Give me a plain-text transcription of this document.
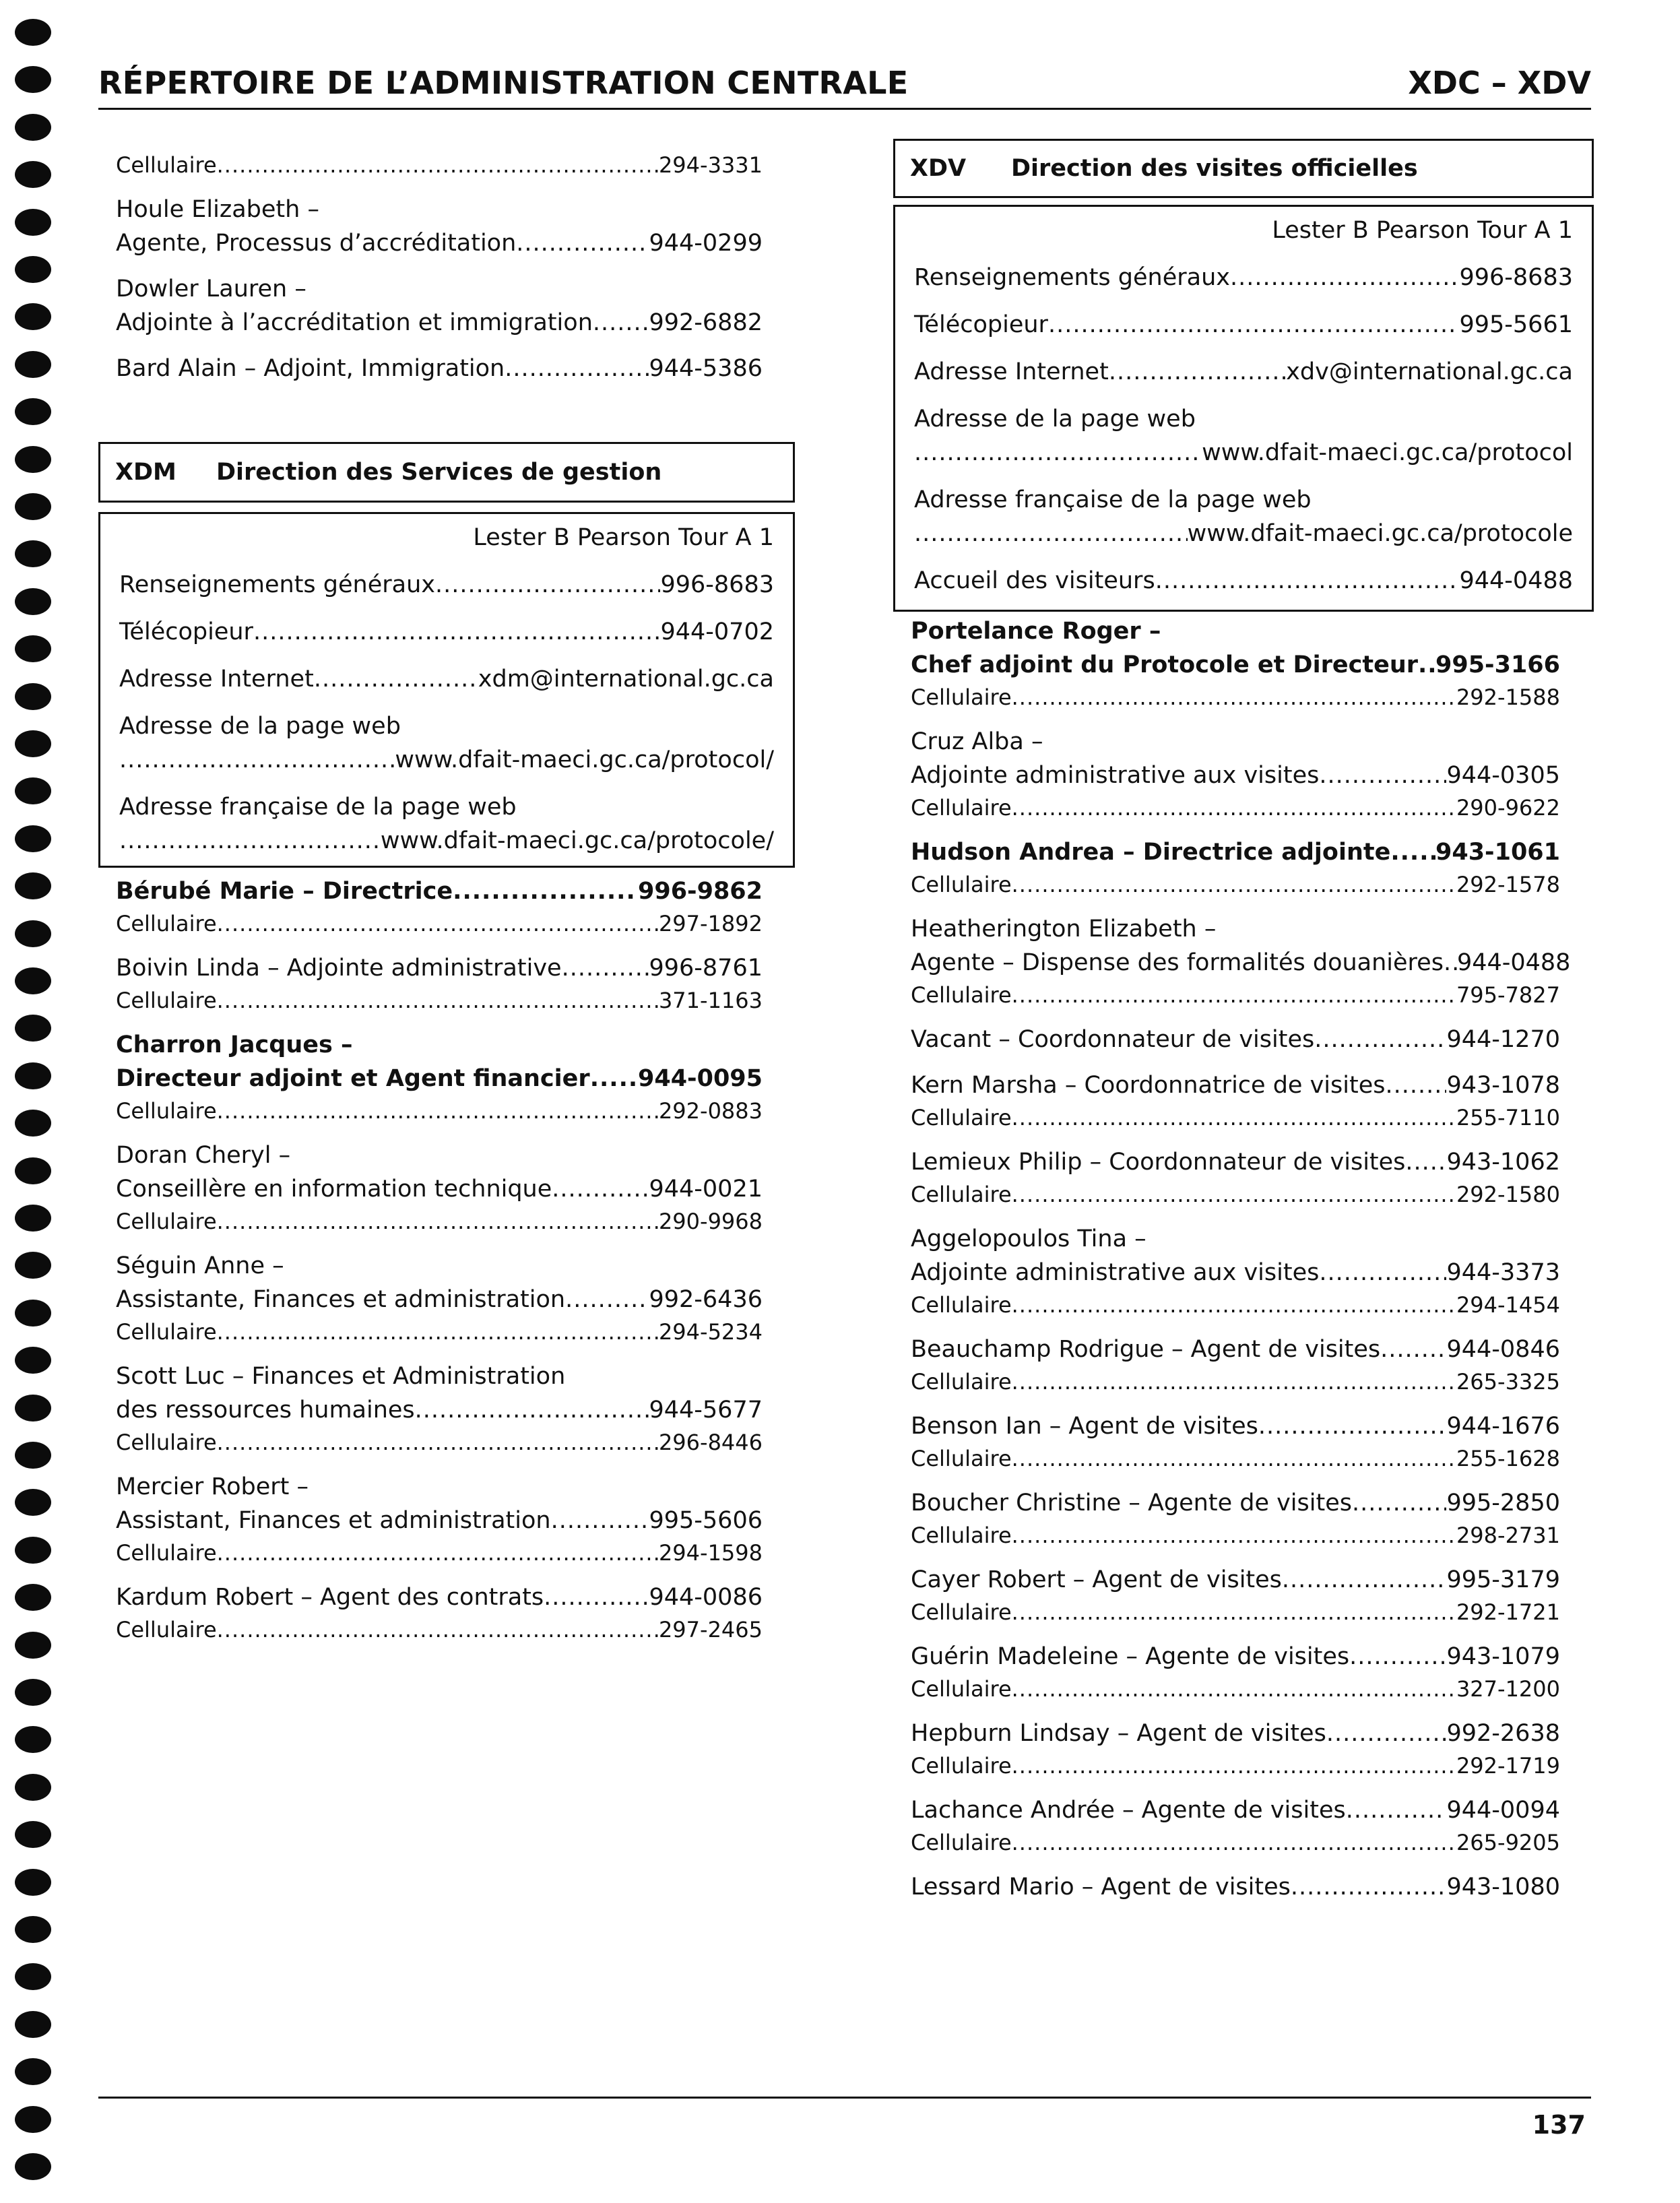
RÉPERTOIRE DE L’ADMINISTRATION CENTRALE	XDC – XDV
Cellulaire .....	294-3331
Houle Elizabeth –
Agente, Processus d’accréditation .....	944-0299
Dowler Lauren –
Adjointe à l’accréditation et immigration ..... 992-6882
Bard Alain – Adjoint, Immigration .....	944-5386
XDM	Direction des Services de gestion
Lester B Pearson Tour A 1
Renseignements généraux .....	996-8683
Télécopieur .....	944-0702
Adresse Internet .....	xdm@international.gc.ca
Adresse de la page web
.....
www.dfait-maeci.gc.ca/protocol/
Adresse française de la page web
.....
www.dfait-maeci.gc.ca/protocole/
Bérubé Marie – Directrice .....	996-9862
Cellulaire .....	297-1892
Boivin Linda – Adjointe administrative .....	996-8761
Cellulaire .....	371-1163
Charron Jacques –
Directeur adjoint et Agent financier ..... 944-0095
Cellulaire .....	292-0883
Doran Cheryl –
Conseillère en information technique .....	944-0021
Cellulaire .....	290-9968
Séguin Anne –
Assistante, Finances et administration .....	992-6436
Cellulaire .....	294-5234
Scott Luc – Finances et Administration
des ressources humaines .....	944-5677
Cellulaire .....	296-8446
Mercier Robert –
Assistant, Finances et administration .....	995-5606
Cellulaire .....	294-1598
Kardum Robert – Agent des contrats .....	944-0086
Cellulaire .....	297-2465
XDV	Direction des visites officielles
Lester B Pearson Tour A 1
Renseignements généraux .....	996-8683
Télécopieur .....	995-5661
Adresse Internet .....	xdv@international.gc.ca
Adresse de la page web
.....
www.dfait-maeci.gc.ca/protocol
Adresse française de la page web
.....
www.dfait-maeci.gc.ca/protocole
Accueil des visiteurs .....	944-0488
Portelance Roger –
Chef adjoint du Protocole et Directeur ..... 995-3166
Cellulaire .....	292-1588
Cruz Alba –
Adjointe administrative aux visites .....	944-0305
Cellulaire .....	290-9622
Hudson Andrea – Directrice adjointe ..... 943-1061
Cellulaire .....	292-1578
Heatherington Elizabeth –
Agente – Dispense des formalités douanières ..... 944-0488
Cellulaire .....	795-7827
Vacant – Coordonnateur de visites .....	944-1270
Kern Marsha – Coordonnatrice de visites .....	943-1078
Cellulaire .....	255-7110
Lemieux Philip – Coordonnateur de visites ..... 943-1062
Cellulaire .....	292-1580
Aggelopoulos Tina –
Adjointe administrative aux visites .....	944-3373
Cellulaire .....	294-1454
Beauchamp Rodrigue – Agent de visites .....	944-0846
Cellulaire .....	265-3325
Benson Ian – Agent de visites .....	944-1676
Cellulaire .....	255-1628
Boucher Christine – Agente de visites .....	995-2850
Cellulaire .....	298-2731
Cayer Robert – Agent de visites .....	995-3179
Cellulaire .....	292-1721
Guérin Madeleine – Agente de visites .....	943-1079
Cellulaire .....	327-1200
Hepburn Lindsay – Agent de visites .....	992-2638
Cellulaire .....	292-1719
Lachance Andrée – Agente de visites .....	944-0094
Cellulaire .....	265-9205
Lessard Mario – Agent de visites .....	943-1080
137
